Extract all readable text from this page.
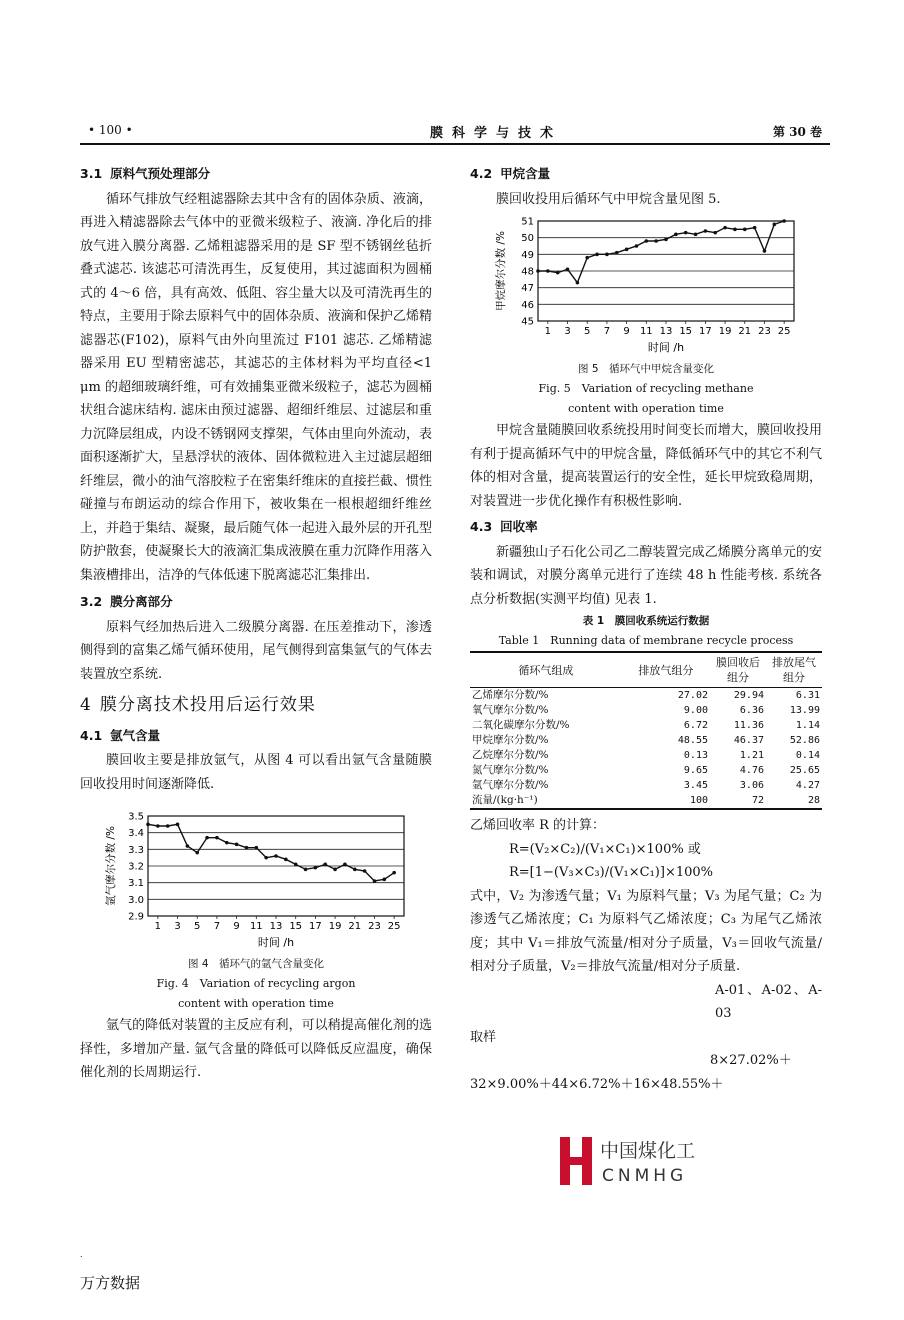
• 100 •	膜科学与技术	第 30 卷
3.1 原料气预处理部分

循环气排放气经粗滤器除去其中含有的固体杂质、液滴，再进入精滤器除去气体中的亚微米级粒子、液滴. 净化后的排放气进入膜分离器. 乙烯粗滤器采用的是 SF 型不锈钢丝毡折叠式滤芯. 该滤芯可清洗再生，反复使用，其过滤面积为圆桶式的 4～6 倍，具有高效、低阻、容尘量大以及可清洗再生的特点，主要用于除去原料气中的固体杂质、液滴和保护乙烯精滤器芯(F102)，原料气由外向里流过 F101 滤芯. 乙烯精滤器采用 EU 型精密滤芯，其滤芯的主体材料为平均直径<1 μm 的超细玻璃纤维，可有效捕集亚微米级粒子，滤芯为圆桶状组合滤床结构. 滤床由预过滤器、超细纤维层、过滤层和重力沉降层组成，内设不锈钢网支撑架，气体由里向外流动，表面积逐渐扩大，呈悬浮状的液体、固体微粒进入主过滤层超细纤维层，微小的油气溶胶粒子在密集纤维床的直接拦截、惯性碰撞与布朗运动的综合作用下，被收集在一根根超细纤维丝上，并趋于集结、凝聚，最后随气体一起进入最外层的开孔型防护散套，使凝聚长大的液滴汇集成液膜在重力沉降作用落入集液槽排出，洁净的气体低速下脱离滤芯汇集排出.

3.2 膜分离部分

原料气经加热后进入二级膜分离器. 在压差推动下，渗透侧得到的富集乙烯气循环使用，尾气侧得到富集氩气的气体去装置放空系统.

4 膜分离技术投用后运行效果
4.1 氩气含量

膜回收主要是排放氩气，从图 4 可以看出氩气含量随膜回收投用时间逐渐降低.

2.9
3.0
3.1
3.2
3.3
3.4
3.5
1 3 5 7 9 11 13 15 17 19 21 23 25
时间 /h
氩气摩尔分数 /%
图 4　循环气的氩气含量变化
Fig. 4　Variation of recycling argon
content with operation time

氩气的降低对装置的主反应有利，可以稍提高催化剂的选择性，多增加产量. 氩气含量的降低可以降低反应温度，确保催化剂的长周期运行.

4.2 甲烷含量

膜回收投用后循环气中甲烷含量见图 5.

45
46
47
48
49
50
51
1 3 5 7 9 11 13 15 17 19 21 23 25
时间 /h
甲烷摩尔分数 /%
图 5　循环气中甲烷含量变化
Fig. 5　Variation of recycling methane
content with operation time

甲烷含量随膜回收系统投用时间变长而增大，膜回收投用有利于提高循环气中的甲烷含量，降低循环气中的其它不利气体的相对含量，提高装置运行的安全性，延长甲烷致稳周期，对装置进一步优化操作有积极性影响.

4.3 回收率

新疆独山子石化公司乙二醇装置完成乙烯膜分离单元的安装和调试，对膜分离单元进行了连续 48 h 性能考核. 系统各点分析数据(实测平均值) 见表 1.

表 1　膜回收系统运行数据
Table 1　Running data of membrane recycle process
循环气组成	排放气组分	膜回收后组分	排放尾气组分
乙烯摩尔分数/%	27.02	29.94	6.31
氧气摩尔分数/%	9.00	6.36	13.99
二氧化碳摩尔分数/%	6.72	11.36	1.14
甲烷摩尔分数/%	48.55	46.37	52.86
乙烷摩尔分数/%	0.13	1.21	0.14
氮气摩尔分数/%	9.65	4.76	25.65
氩气摩尔分数/%	3.45	3.06	4.27
流量/(kg·h⁻¹)	100	72	28

乙烯回收率 R 的计算：

R=(V₂×C₂)/(V₁×C₁)×100% 或

R=[1−(V₃×C₃)/(V₁×C₁)]×100%

式中，V₂ 为渗透气量；V₁ 为原料气量；V₃ 为尾气量；C₂ 为渗透气乙烯浓度；C₁ 为原料气乙烯浓度；C₃ 为尾气乙烯浓度；其中 V₁＝排放气流量/相对分子质量，V₃＝回收气流量/相对分子质量，V₂＝排放气流量/相对分子质量.

A-01、A-02、A-03

取样

8×27.02%＋

32×9.00%＋44×6.72%＋16×48.55%＋

中国煤化工
CNMHG
.
万方数据
